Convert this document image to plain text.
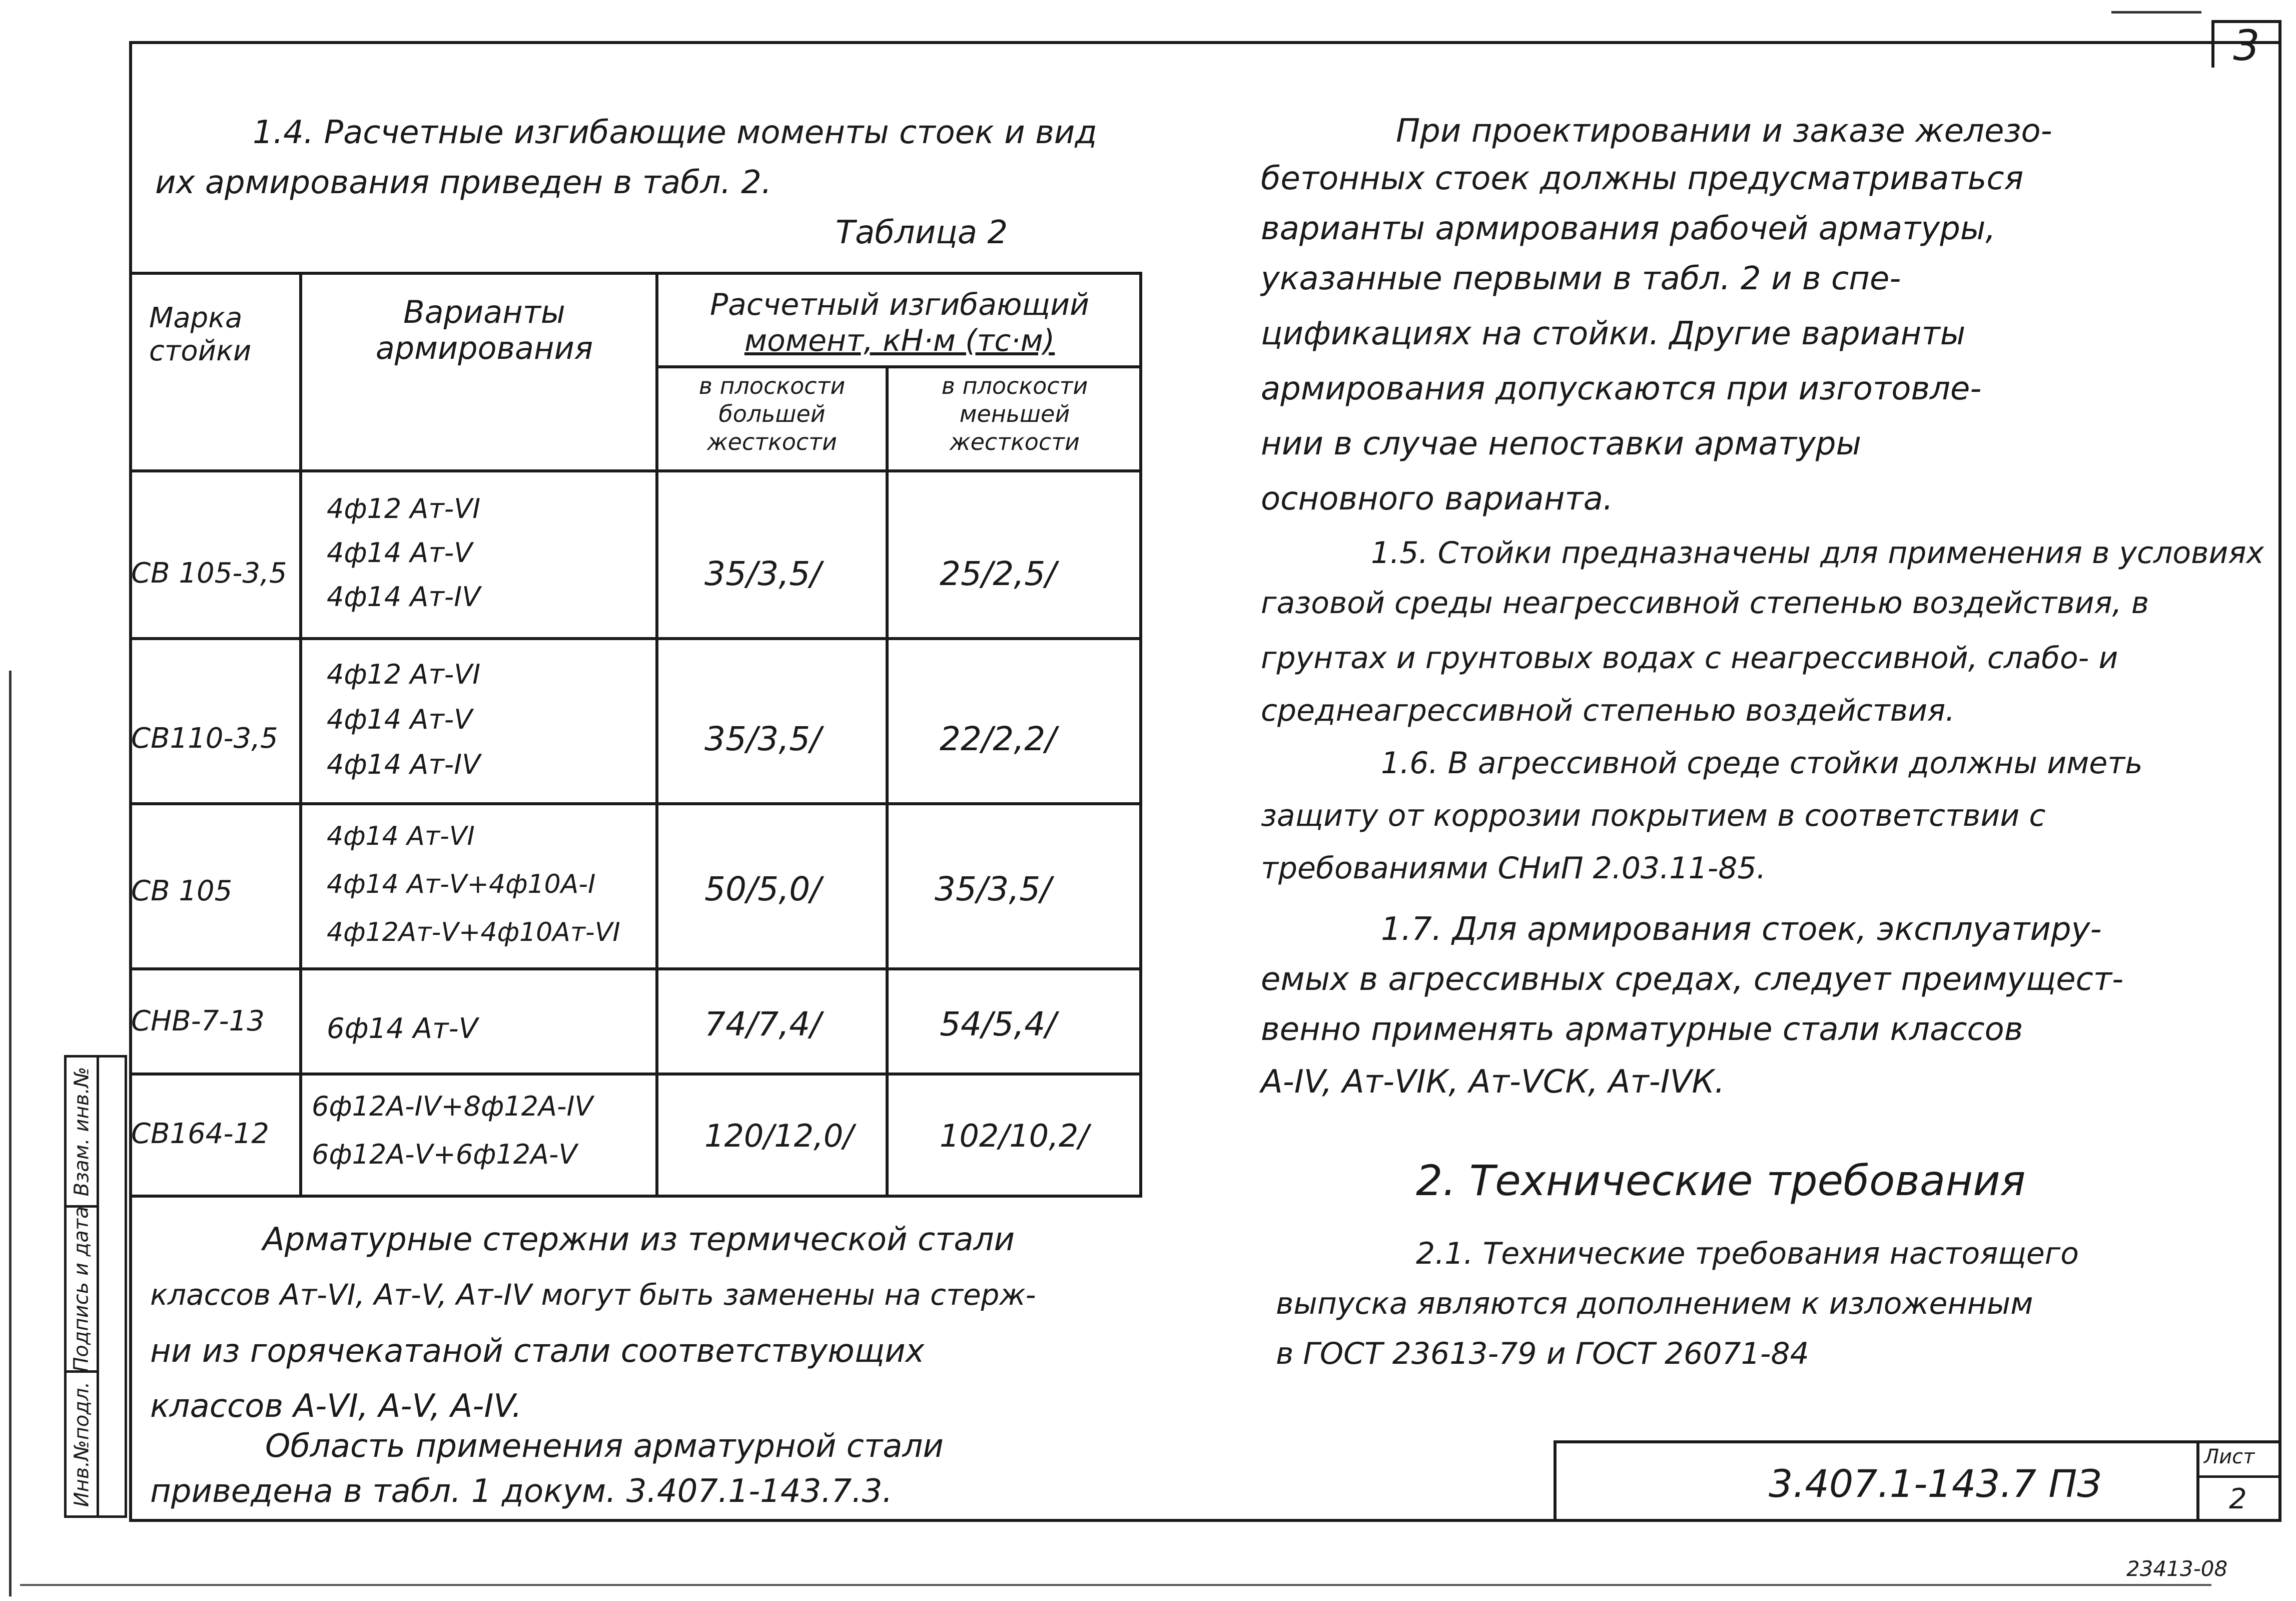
3
Взам. инв.№
Подпись и дата
Инв.№подл.
1.4. Расчетные изгибающие моменты стоек и вид
их армирования приведен в табл. 2.
Таблица 2
Марка
стойки
Варианты
армирования
Расчетный изгибающий
момент, кН·м (тс·м)
в плоскости
большей
жесткости
в плоскости
меньшей
жесткости
СВ 105-3,5
4ф12 Ат-VI
4ф14 Ат-V
4ф14 Ат-IV
35/3,5/	25/2,5/
СВ110-3,5
4ф12 Ат-VI
4ф14 Ат-V
4ф14 Ат-IV
35/3,5/	22/2,2/
СВ 105
4ф14 Ат-VI
4ф14 Ат-V+4ф10А-I
4ф12Ат-V+4ф10Ат-VI
50/5,0/	35/3,5/
СНВ-7-13 6ф14 Ат-V	74/7,4/	54/5,4/
СВ164-12
6ф12А-IV+8ф12А-IV
6ф12А-V+6ф12А-V
120/12,0/	102/10,2/
Арматурные стержни из термической стали
классов Ат-VI, Ат-V, Ат-IV могут быть заменены на стерж-
ни из горячекатаной стали соответствующих
классов А-VI, А-V, А-IV.
Область применения арматурной стали
приведена в табл. 1 докум. 3.407.1-143.7.3.
При проектировании и заказе железо-
бетонных стоек должны предусматриваться
варианты армирования рабочей арматуры,
указанные первыми в табл. 2 и в спе-
цификациях на стойки. Другие варианты
армирования допускаются при изготовле-
нии в случае непоставки арматуры
основного варианта.
1.5. Стойки предназначены для применения в условиях
газовой среды неагрессивной степенью воздействия, в
грунтах и грунтовых водах с неагрессивной, слабо- и
среднеагрессивной степенью воздействия.
1.6. В агрессивной среде стойки должны иметь
защиту от коррозии покрытием в соответствии с
требованиями СНиП 2.03.11-85.
1.7. Для армирования стоек, эксплуатиру-
емых в агрессивных средах, следует преимущест-
венно применять арматурные стали классов
А-IV, Ат-VIК, Ат-VСК, Ат-IVК.
2. Технические требования
2.1. Технические требования настоящего
выпуска являются дополнением к изложенным
в ГОСТ 23613-79 и ГОСТ 26071-84
3.407.1-143.7 ПЗ
Лист
2
23413-08
